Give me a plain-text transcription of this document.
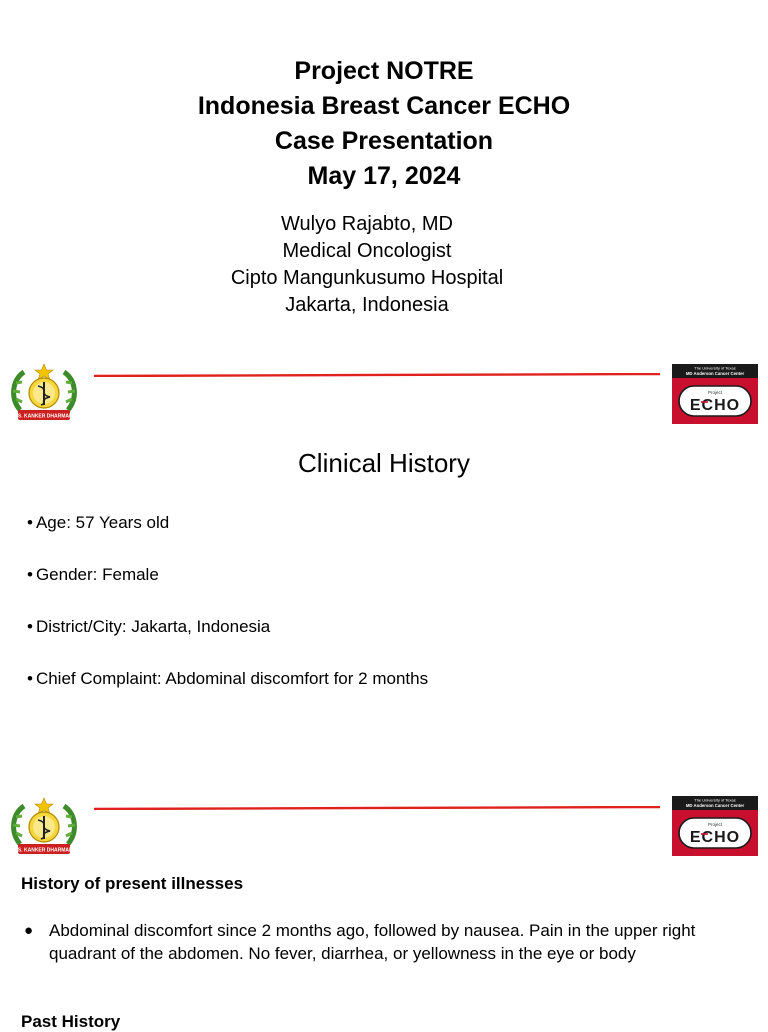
Project NOTRE
Indonesia Breast Cancer ECHO
Case Presentation
May 17, 2024
Wulyo Rajabto, MD
Medical Oncologist
Cipto Mangunkusumo Hospital
Jakarta, Indonesia
RS. KANKER DHARMAIS
The University of Texas
MD Anderson Cancer Center
Project
ECHO
Clinical History
• Age: 57 Years old
• Gender: Female
• District/City: Jakarta, Indonesia
• Chief Complaint: Abdominal discomfort for 2 months
RS. KANKER DHARMAIS
The University of Texas
MD Anderson Cancer Center
Project
ECHO
History of present illnesses
● Abdominal discomfort since 2 months ago, followed by nausea. Pain in the upper right quadrant of the abdomen. No fever, diarrhea, or yellowness in the eye or body
Past History
